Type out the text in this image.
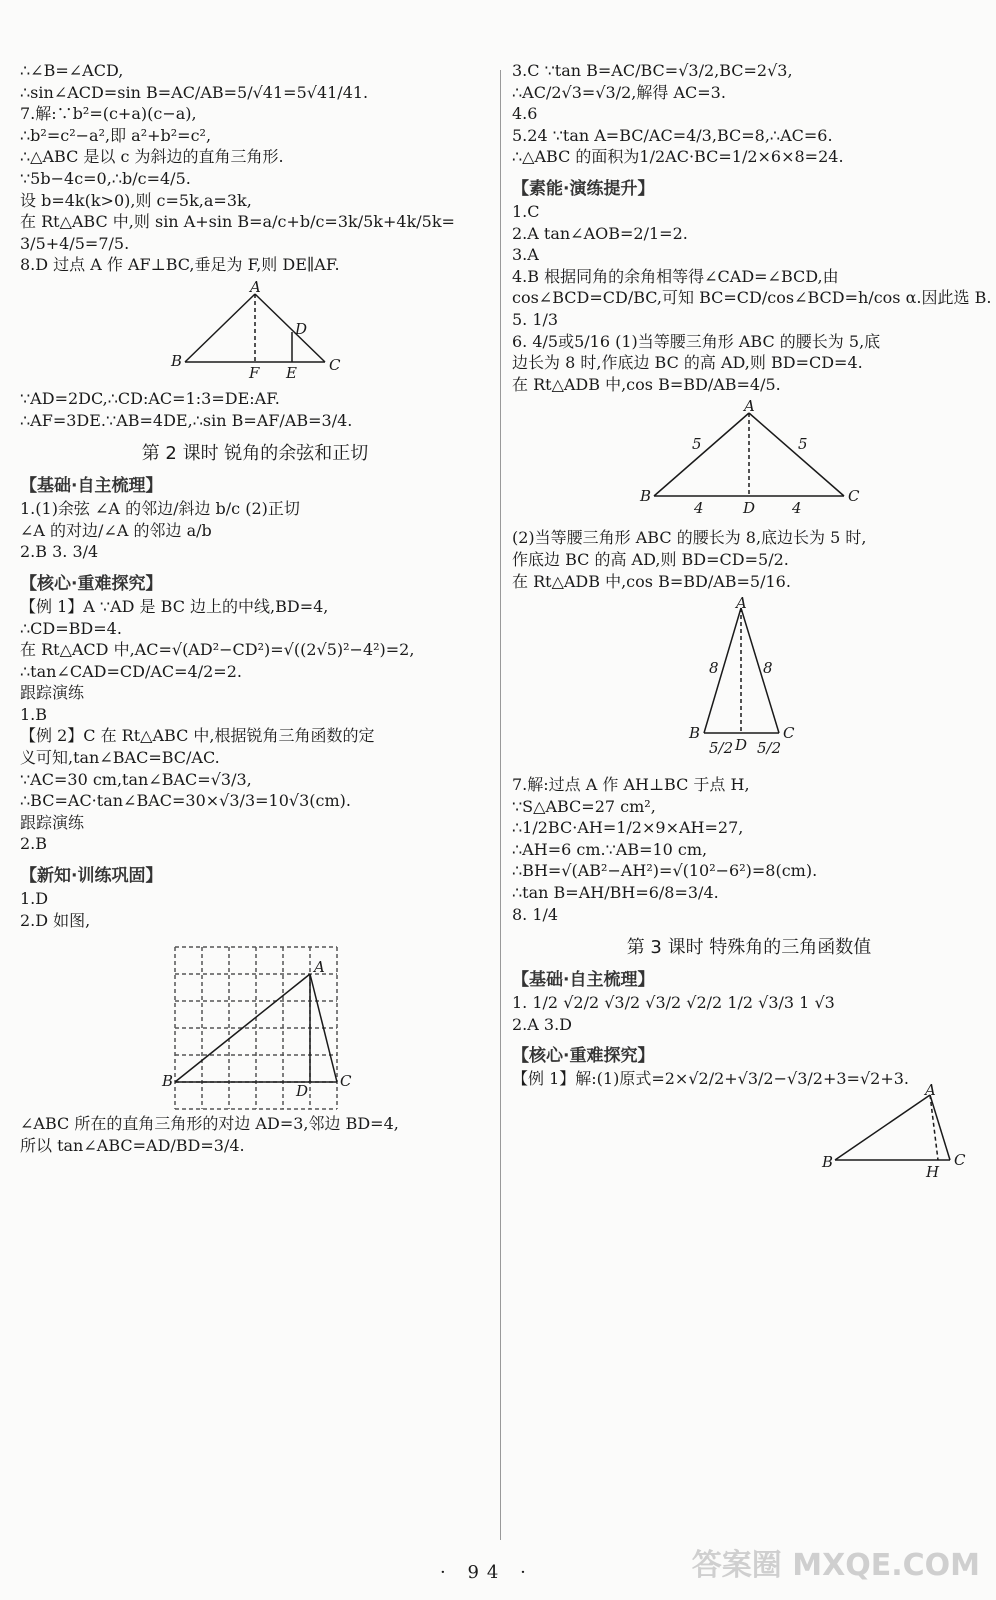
∴∠B=∠ACD,
∴sin∠ACD=sin B=AC/AB=5/√41=5√41/41.
7.解:∵b²=(c+a)(c−a),
∴b²=c²−a²,即 a²+b²=c²,
∴△ABC 是以 c 为斜边的直角三角形.
∵5b−4c=0,∴b/c=4/5.
设 b=4k(k>0),则 c=5k,a=3k,
在 Rt△ABC 中,则 sin A+sin B=a/c+b/c=3k/5k+4k/5k=
3/5+4/5=7/5.
8.D 过点 A 作 AF⊥BC,垂足为 F,则 DE∥AF.
A
B
F E
D
C
∵AD=2DC,∴CD:AC=1:3=DE:AF.
∴AF=3DE.∵AB=4DE,∴sin B=AF/AB=3/4.
第 2 课时 锐角的余弦和正切
【基础·自主梳理】
1.(1)余弦 ∠A 的邻边/斜边 b/c (2)正切
∠A 的对边/∠A 的邻边 a/b
2.B 3. 3/4
【核心·重难探究】
【例 1】A ∵AD 是 BC 边上的中线,BD=4,
∴CD=BD=4.
在 Rt△ACD 中,AC=√(AD²−CD²)=√((2√5)²−4²)=2,
∴tan∠CAD=CD/AC=4/2=2.
跟踪演练
1.B
【例 2】C 在 Rt△ABC 中,根据锐角三角函数的定
义可知,tan∠BAC=BC/AC.
∵AC=30 cm,tan∠BAC=√3/3,
∴BC=AC·tan∠BAC=30×√3/3=10√3(cm).
跟踪演练
2.B
【新知·训练巩固】
1.D
2.D 如图,
A
B
D
C
∠ABC 所在的直角三角形的对边 AD=3,邻边 BD=4,
所以 tan∠ABC=AD/BD=3/4.
3.C ∵tan B=AC/BC=√3/2,BC=2√3,
∴AC/2√3=√3/2,解得 AC=3.
4.6
5.24 ∵tan A=BC/AC=4/3,BC=8,∴AC=6.
∴△ABC 的面积为1/2AC·BC=1/2×6×8=24.
【素能·演练提升】
1.C
2.A tan∠AOB=2/1=2.
3.A
4.B 根据同角的余角相等得∠CAD=∠BCD,由
cos∠BCD=CD/BC,可知 BC=CD/cos∠BCD=h/cos α.因此选 B.
5. 1/3
6. 4/5或5/16 (1)当等腰三角形 ABC 的腰长为 5,底
边长为 8 时,作底边 BC 的高 AD,则 BD=CD=4.
在 Rt△ADB 中,cos B=BD/AB=4/5.
A
B
D
C
5	5
4	4
(2)当等腰三角形 ABC 的腰长为 8,底边长为 5 时,
作底边 BC 的高 AD,则 BD=CD=5/2.
在 Rt△ADB 中,cos B=BD/AB=5/16.
A
B
D
C
8	8
5/2 5/2
7.解:过点 A 作 AH⊥BC 于点 H,
∵S△ABC=27 cm²,
∴1/2BC·AH=1/2×9×AH=27,
∴AH=6 cm.∵AB=10 cm,
∴BH=√(AB²−AH²)=√(10²−6²)=8(cm).
∴tan B=AH/BH=6/8=3/4.
8. 1/4
第 3 课时 特殊角的三角函数值
【基础·自主梳理】
1. 1/2 √2/2 √3/2 √3/2 √2/2 1/2 √3/3 1 √3
2.A 3.D
【核心·重难探究】
【例 1】解:(1)原式=2×√2/2+√3/2−√3/2+3=√2+3.
· 94 ·	答案圈 MXQE.COM
A
B
H
C
